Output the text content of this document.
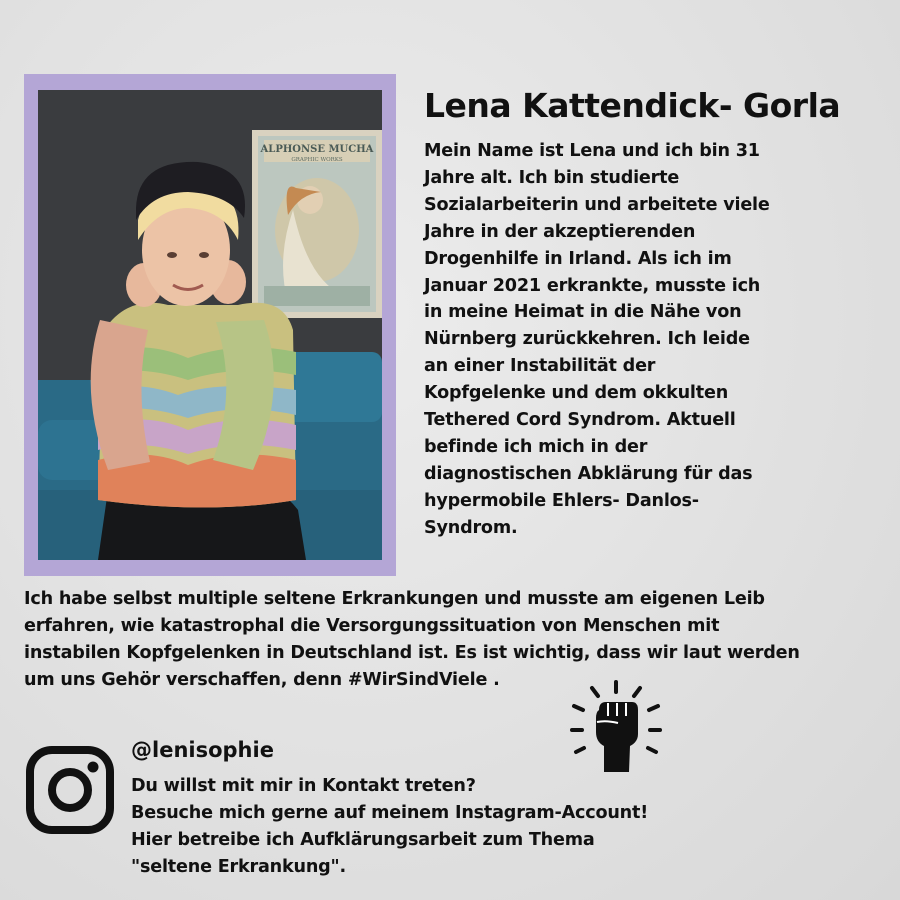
ALPHONSE MUCHA
GRAPHIC WORKS
Lena Kattendick- Gorla

Mein Name ist Lena und ich bin 31
Jahre alt. Ich bin studierte
Sozialarbeiterin und arbeitete viele
Jahre in der akzeptierenden
Drogenhilfe in Irland. Als ich im
Januar 2021 erkrankte, musste ich
in meine Heimat in die Nähe von
Nürnberg zurückkehren. Ich leide
an einer Instabilität der
Kopfgelenke und dem okkulten
Tethered Cord Syndrom. Aktuell
befinde ich mich in der
diagnostischen Abklärung für das
hypermobile Ehlers- Danlos-
Syndrom.

Ich habe selbst multiple seltene Erkrankungen und musste am eigenen Leib
erfahren, wie katastrophal die Versorgungssituation von Menschen mit
instabilen Kopfgelenken in Deutschland ist. Es ist wichtig, dass wir laut werden
um uns Gehör verschaffen, denn #WirSindViele .

@lenisophie

Du willst mit mir in Kontakt treten?
Besuche mich gerne auf meinem Instagram-Account!
Hier betreibe ich Aufklärungsarbeit zum Thema
"seltene Erkrankung".
